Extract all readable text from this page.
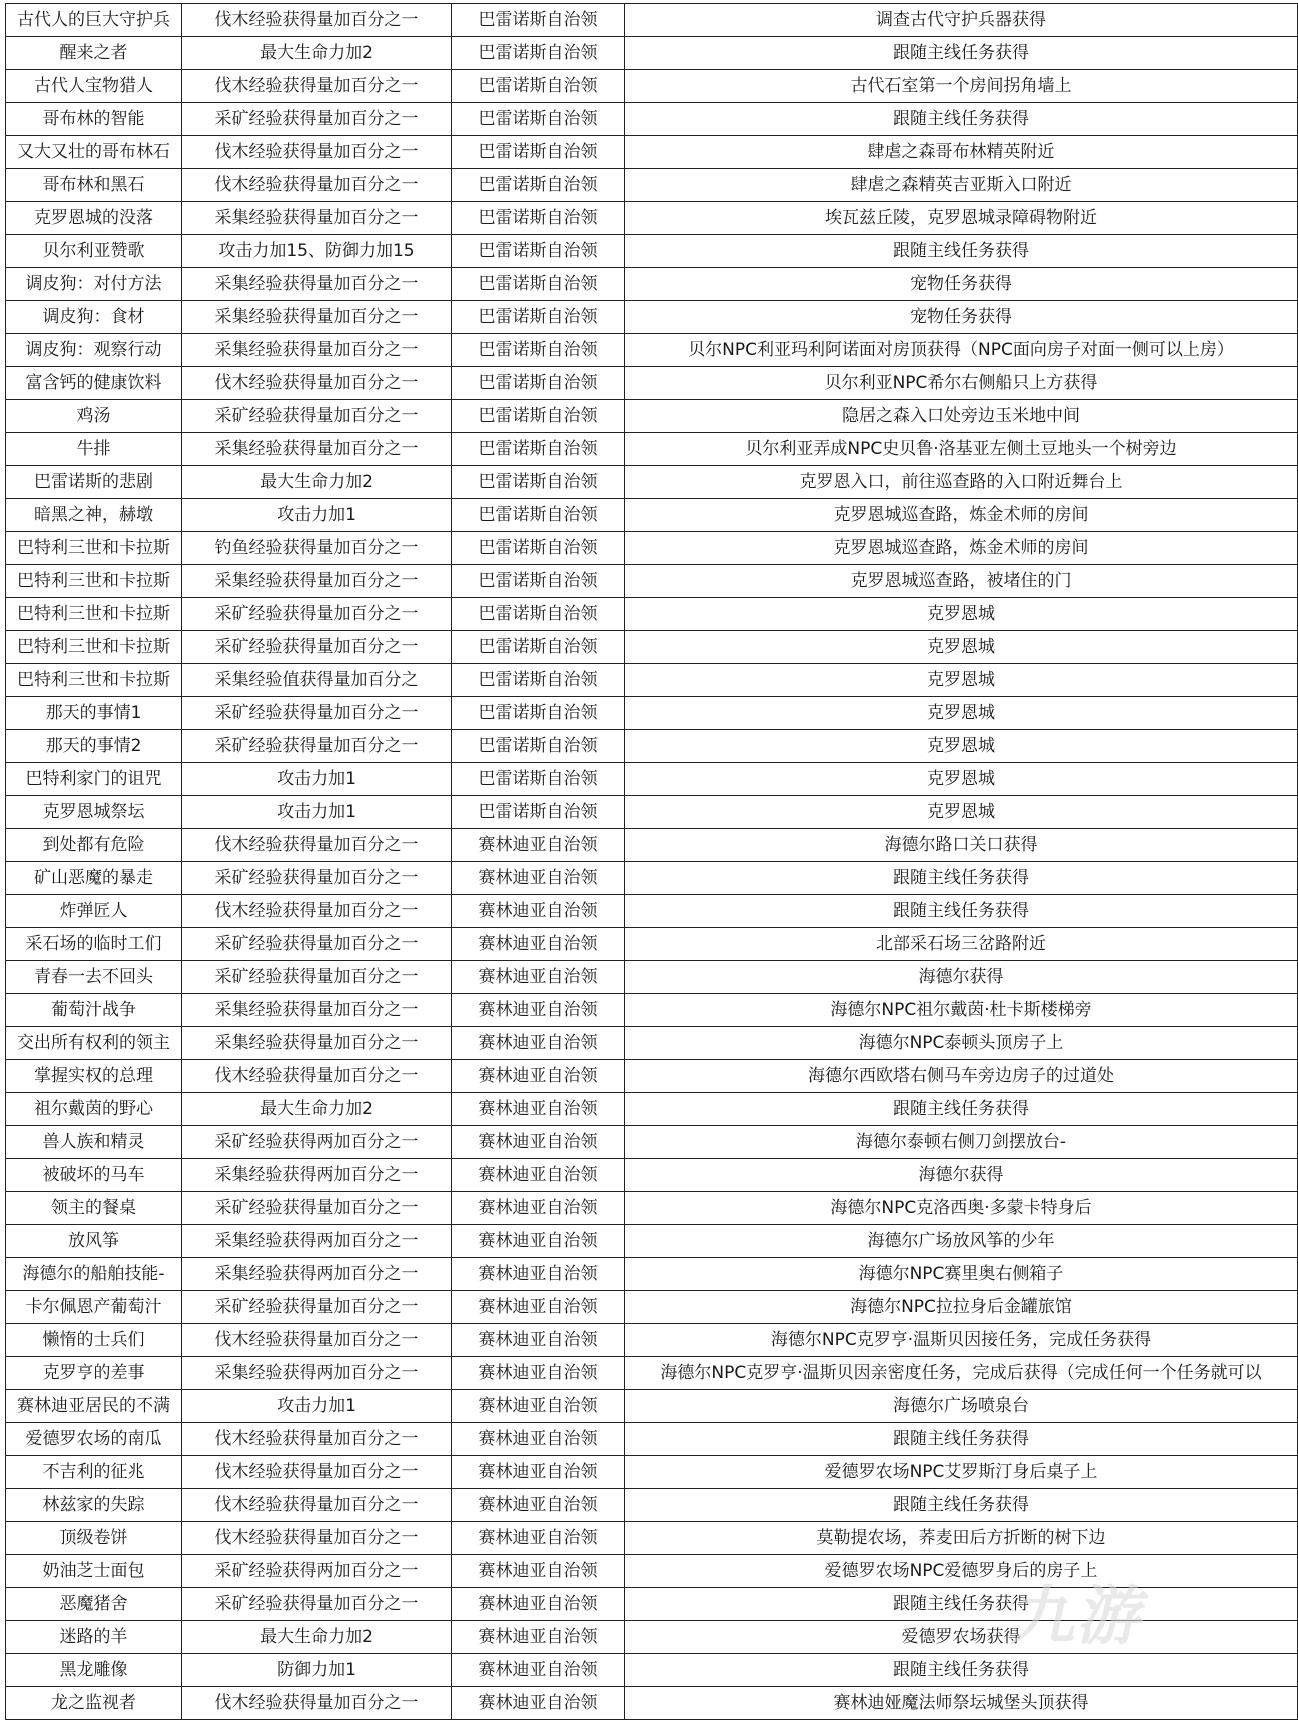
古代人的巨大守护兵	伐木经验获得量加百分之一	巴雷诺斯自治领	调查古代守护兵器获得
醒来之者	最大生命力加2	巴雷诺斯自治领	跟随主线任务获得
古代人宝物猎人	伐木经验获得量加百分之一	巴雷诺斯自治领	古代石室第一个房间拐角墙上
哥布林的智能	采矿经验获得量加百分之一	巴雷诺斯自治领	跟随主线任务获得
又大又壮的哥布林石	伐木经验获得量加百分之一	巴雷诺斯自治领	肆虐之森哥布林精英附近
哥布林和黑石	伐木经验获得量加百分之一	巴雷诺斯自治领	肆虐之森精英吉亚斯入口附近
克罗恩城的没落	采集经验获得量加百分之一	巴雷诺斯自治领	埃瓦兹丘陵，克罗恩城录障碍物附近
贝尔利亚赞歌	攻击力加15、防御力加15	巴雷诺斯自治领	跟随主线任务获得
调皮狗：对付方法	采集经验获得量加百分之一	巴雷诺斯自治领	宠物任务获得
调皮狗：食材	采集经验获得量加百分之一	巴雷诺斯自治领	宠物任务获得
调皮狗：观察行动	采集经验获得量加百分之一	巴雷诺斯自治领	贝尔NPC利亚玛利阿诺面对房顶获得（NPC面向房子对面一侧可以上房）
富含钙的健康饮料	伐木经验获得量加百分之一	巴雷诺斯自治领	贝尔利亚NPC希尔右侧船只上方获得
鸡汤	采矿经验获得量加百分之一	巴雷诺斯自治领	隐居之森入口处旁边玉米地中间
牛排	采集经验获得量加百分之一	巴雷诺斯自治领	贝尔利亚弄成NPC史贝鲁·洛基亚左侧土豆地头一个树旁边
巴雷诺斯的悲剧	最大生命力加2	巴雷诺斯自治领	克罗恩入口，前往巡查路的入口附近舞台上
暗黑之神，赫墩	攻击力加1	巴雷诺斯自治领	克罗恩城巡查路，炼金术师的房间
巴特利三世和卡拉斯	钓鱼经验获得量加百分之一	巴雷诺斯自治领	克罗恩城巡查路，炼金术师的房间
巴特利三世和卡拉斯	采集经验获得量加百分之一	巴雷诺斯自治领	克罗恩城巡查路，被堵住的门
巴特利三世和卡拉斯	采矿经验获得量加百分之一	巴雷诺斯自治领	克罗恩城
巴特利三世和卡拉斯	采矿经验获得量加百分之一	巴雷诺斯自治领	克罗恩城
巴特利三世和卡拉斯	采集经验值获得量加百分之	巴雷诺斯自治领	克罗恩城
那天的事情1	采矿经验获得量加百分之一	巴雷诺斯自治领	克罗恩城
那天的事情2	采矿经验获得量加百分之一	巴雷诺斯自治领	克罗恩城
巴特利家门的诅咒	攻击力加1	巴雷诺斯自治领	克罗恩城
克罗恩城祭坛	攻击力加1	巴雷诺斯自治领	克罗恩城
到处都有危险	伐木经验获得量加百分之一	赛林迪亚自治领	海德尔路口关口获得
矿山恶魔的暴走	采矿经验获得量加百分之一	赛林迪亚自治领	跟随主线任务获得
炸弹匠人	伐木经验获得量加百分之一	赛林迪亚自治领	跟随主线任务获得
采石场的临时工们	采矿经验获得量加百分之一	赛林迪亚自治领	北部采石场三岔路附近
青春一去不回头	采矿经验获得量加百分之一	赛林迪亚自治领	海德尔获得
葡萄汁战争	采集经验获得量加百分之一	赛林迪亚自治领	海德尔NPC祖尔戴茵·杜卡斯楼梯旁
交出所有权利的领主	采集经验获得量加百分之一	赛林迪亚自治领	海德尔NPC泰顿头顶房子上
掌握实权的总理	伐木经验获得量加百分之一	赛林迪亚自治领	海德尔西欧塔右侧马车旁边房子的过道处
祖尔戴茵的野心	最大生命力加2	赛林迪亚自治领	跟随主线任务获得
兽人族和精灵	采矿经验获得两加百分之一	赛林迪亚自治领	海德尔泰顿右侧刀剑摆放台-
被破坏的马车	采集经验获得两加百分之一	赛林迪亚自治领	海德尔获得
领主的餐桌	采矿经验获得量加百分之一	赛林迪亚自治领	海德尔NPC克洛西奥·多蒙卡特身后
放风筝	采集经验获得两加百分之一	赛林迪亚自治领	海德尔广场放风筝的少年
海德尔的船舶技能-	采集经验获得两加百分之一	赛林迪亚自治领	海德尔NPC赛里奥右侧箱子
卡尔佩恩产葡萄汁	采矿经验获得量加百分之一	赛林迪亚自治领	海德尔NPC拉拉身后金罐旅馆
懒惰的士兵们	伐木经验获得量加百分之一	赛林迪亚自治领	海德尔NPC克罗亨·温斯贝因接任务，完成任务获得
克罗亨的差事	采集经验获得两加百分之一	赛林迪亚自治领	海德尔NPC克罗亨·温斯贝因亲密度任务，完成后获得（完成任何一个任务就可以
赛林迪亚居民的不满	攻击力加1	赛林迪亚自治领	海德尔广场喷泉台
爱德罗农场的南瓜	伐木经验获得量加百分之一	赛林迪亚自治领	跟随主线任务获得
不吉利的征兆	伐木经验获得量加百分之一	赛林迪亚自治领	爱德罗农场NPC艾罗斯汀身后桌子上
林兹家的失踪	伐木经验获得量加百分之一	赛林迪亚自治领	跟随主线任务获得
顶级卷饼	伐木经验获得量加百分之一	赛林迪亚自治领	莫勒提农场，荞麦田后方折断的树下边
奶油芝士面包	采矿经验获得两加百分之一	赛林迪亚自治领	爱德罗农场NPC爱德罗身后的房子上
恶魔猪舍	采矿经验获得量加百分之一	赛林迪亚自治领	跟随主线任务获得
迷路的羊	最大生命力加2	赛林迪亚自治领	爱德罗农场获得
黑龙雕像	防御力加1	赛林迪亚自治领	跟随主线任务获得
龙之监视者	伐木经验获得量加百分之一	赛林迪亚自治领	赛林迪娅魔法师祭坛城堡头顶获得
九游
